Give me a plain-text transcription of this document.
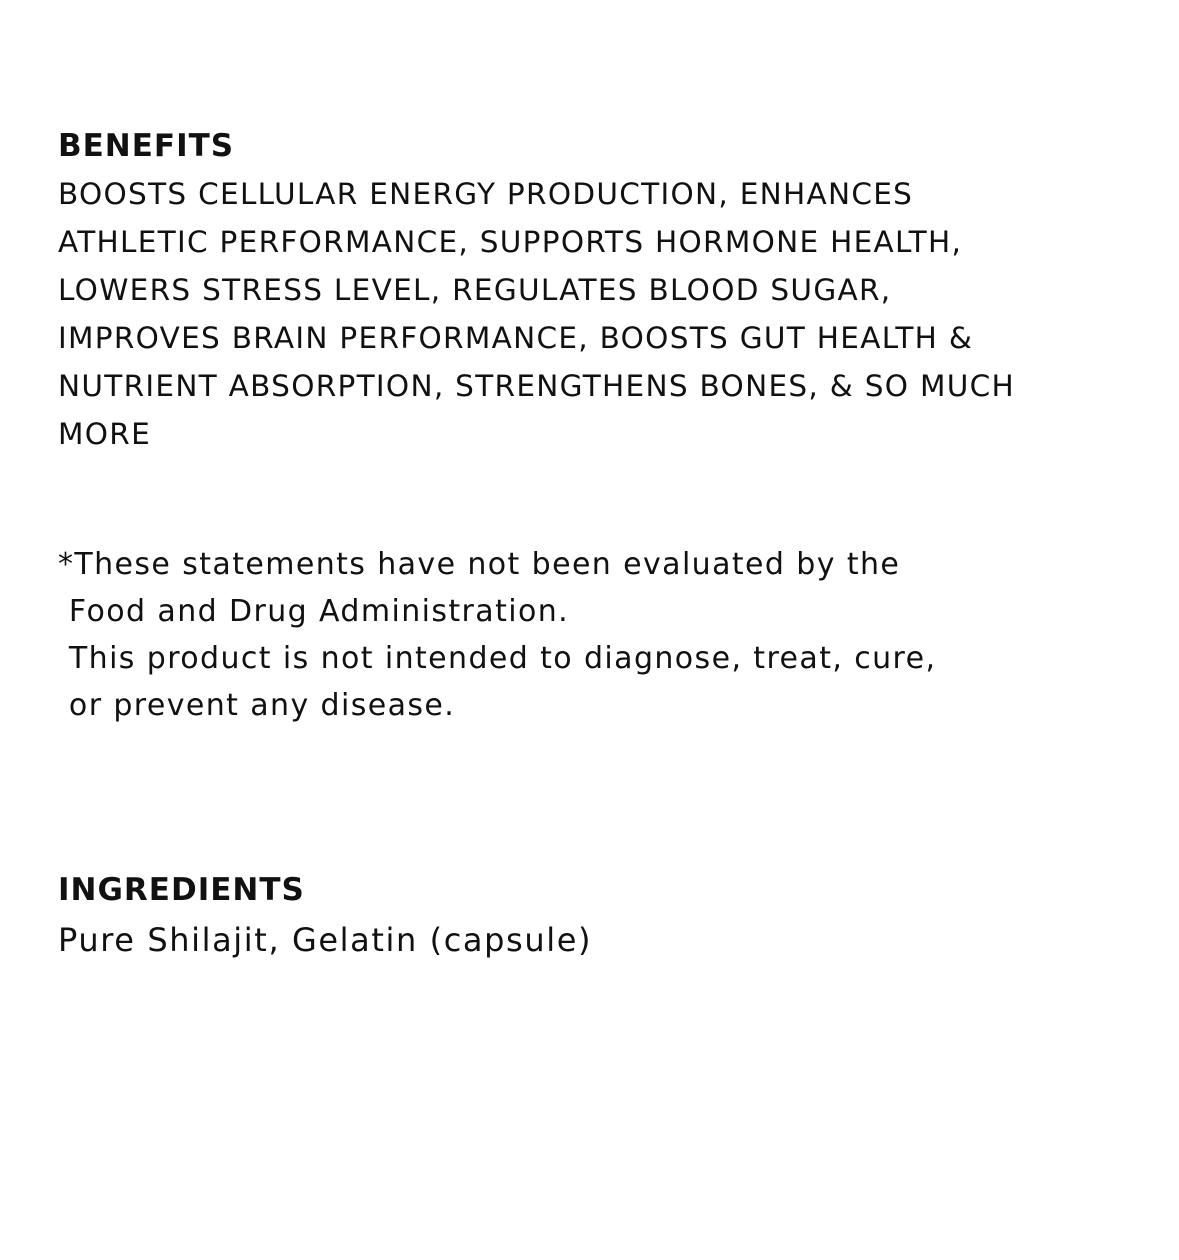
BENEFITS
BOOSTS CELLULAR ENERGY PRODUCTION, ENHANCES
ATHLETIC PERFORMANCE, SUPPORTS HORMONE HEALTH,
LOWERS STRESS LEVEL, REGULATES BLOOD SUGAR,
IMPROVES BRAIN PERFORMANCE, BOOSTS GUT HEALTH &
NUTRIENT ABSORPTION, STRENGTHENS BONES, & SO MUCH
MORE
*These statements have not been evaluated by the
Food and Drug Administration.
This product is not intended to diagnose, treat, cure,
or prevent any disease.
INGREDIENTS
Pure Shilajit, Gelatin (capsule)
